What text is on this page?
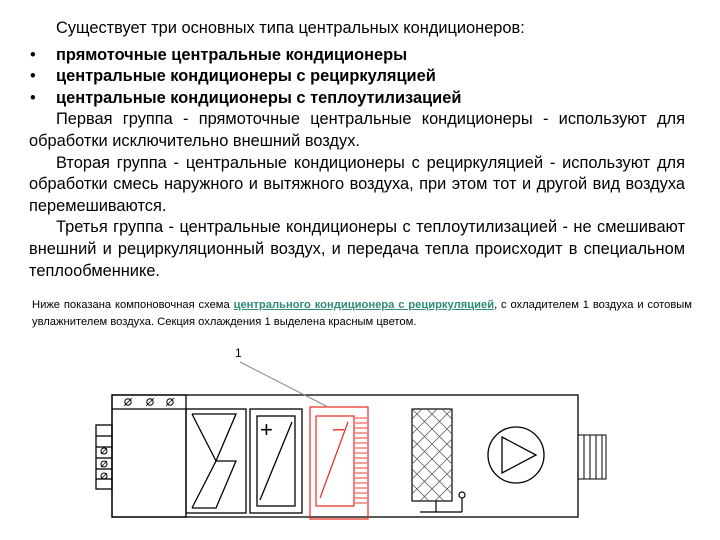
Существует три основных типа центральных кондиционеров:

• прямоточные центральные кондиционеры
• центральные кондиционеры с рециркуляцией
• центральные кондиционеры с теплоутилизацией

Первая группа - прямоточные центральные кондиционеры - используют для обработки исключительно внешний воздух.

Вторая группа - центральные кондиционеры с рециркуляцией - используют для обработки смесь наружного и вытяжного воздуха, при этом тот и другой вид воздуха перемешиваются.

Третья группа - центральные кондиционеры с теплоутилизацией - не смешивают внешний и рециркуляционный воздух, и передача тепла происходит в специальном теплообменнике.

Ниже показана компоновочная схема центрального кондиционера с рециркуляцией, с охладителем 1 воздуха и сотовым увлажнителем воздуха. Секция охлаждения 1 выделена красным цветом.
+	–
1
